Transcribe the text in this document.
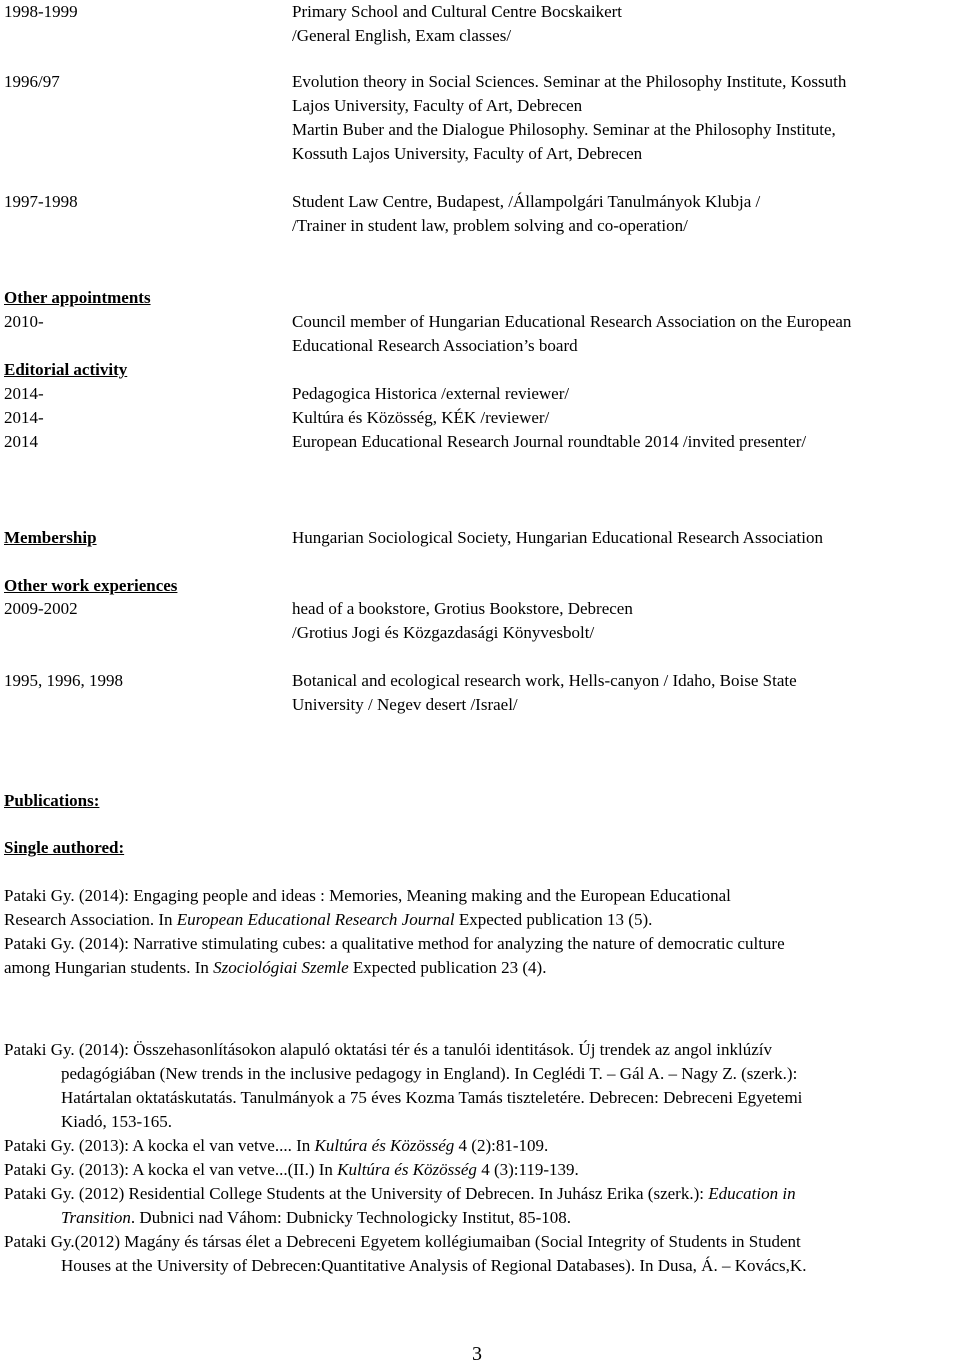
1998-1999	Primary School and Cultural Centre Bocskaikert
/General English, Exam classes/
1996/97	Evolution theory in Social Sciences. Seminar at the Philosophy Institute, Kossuth
Lajos University, Faculty of Art, Debrecen
Martin Buber and the Dialogue Philosophy. Seminar at the Philosophy Institute,
Kossuth Lajos University, Faculty of Art, Debrecen
1997-1998	Student Law Centre, Budapest, /Állampolgári Tanulmányok Klubja /
/Trainer in student law, problem solving and co-operation/
Other appointments
2010-	Council member of Hungarian Educational Research Association on the European
Educational Research Association’s board
Editorial activity
2014-	Pedagogica Historica /external reviewer/
2014-	Kultúra és Közösség, KÉK /reviewer/
2014	European Educational Research Journal roundtable 2014 /invited presenter/
Membership	Hungarian Sociological Society, Hungarian Educational Research Association
Other work experiences
2009-2002	head of a bookstore, Grotius Bookstore, Debrecen
/Grotius Jogi és Közgazdasági Könyvesbolt/
1995, 1996, 1998	Botanical and ecological research work, Hells-canyon / Idaho, Boise State
University / Negev desert /Israel/
Publications:
Single authored:
Pataki Gy. (2014): Engaging people and ideas : Memories, Meaning making and the European Educational
Research Association. In European Educational Research Journal Expected publication 13 (5).
Pataki Gy. (2014): Narrative stimulating cubes: a qualitative method for analyzing the nature of democratic culture
among Hungarian students. In Szociológiai Szemle Expected publication 23 (4).
Pataki Gy. (2014): Összehasonlításokon alapuló oktatási tér és a tanulói identitások. Új trendek az angol inklúzív
pedagógiában (New trends in the inclusive pedagogy in England). In Ceglédi T. – Gál A. – Nagy Z. (szerk.):
Határtalan oktatáskutatás. Tanulmányok a 75 éves Kozma Tamás tiszteletére. Debrecen: Debreceni Egyetemi
Kiadó, 153-165.
Pataki Gy. (2013): A kocka el van vetve.... In Kultúra és Közösség 4 (2):81-109.
Pataki Gy. (2013): A kocka el van vetve...(II.) In Kultúra és Közösség 4 (3):119-139.
Pataki Gy. (2012) Residential College Students at the University of Debrecen. In Juhász Erika (szerk.): Education in
Transition. Dubnici nad Váhom: Dubnicky Technologicky Institut, 85-108.
Pataki Gy.(2012) Magány és társas élet a Debreceni Egyetem kollégiumaiban (Social Integrity of Students in Student
Houses at the University of Debrecen:Quantitative Analysis of Regional Databases). In Dusa, Á. – Kovács,K.
3
